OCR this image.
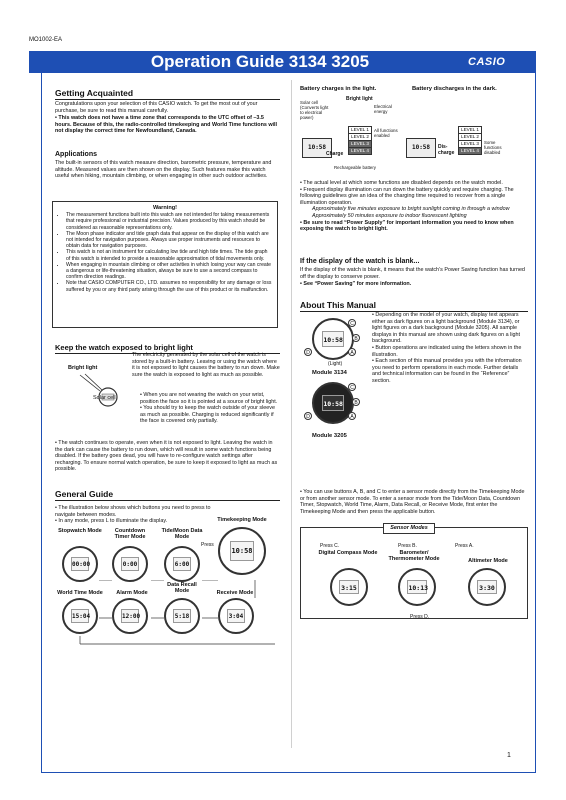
MO1002-EA
Operation Guide 3134 3205	CASIO
Getting Acquainted
Congratulations upon your selection of this CASIO watch. To get the most out of your purchase, be sure to read this manual carefully.
• This watch does not have a time zone that corresponds to the UTC offset of –3.5 hours. Because of this, the radio-controlled timekeeping and World Time functions will not display the correct time for Newfoundland, Canada.
Applications
The built-in sensors of this watch measure direction, barometric pressure, temperature and altitude. Measured values are then shown on the display. Such features make this watch useful when hiking, mountain climbing, or when engaging in other such outdoor activities.
Warning!
• The measurement functions built into this watch are not intended for taking measurements that require professional or industrial precision. Values produced by this watch should be considered as reasonable representations only.
• The Moon phase indicator and tide graph data that appear on the display of this watch are not intended for navigation purposes. Always use proper instruments and resources to obtain data for navigation purposes.
• This watch is not an instrument for calculating low tide and high tide times. The tide graph of this watch is intended to provide a reasonable approximation of tidal movements only.
• When engaging in mountain climbing or other activities in which losing your way can create a dangerous or life-threatening situation, always be sure to use a second compass to confirm direction readings.
• Note that CASIO COMPUTER CO., LTD. assumes no responsibility for any damage or loss suffered by you or any third party arising through the use of this product or its malfunction.
Keep the watch exposed to bright light
Bright light
Solar cell
The electricity generated by the solar cell of the watch is stored by a built-in battery. Leaving or using the watch where it is not exposed to light causes the battery to run down. Make sure the watch is exposed to light as much as possible.
• When you are not wearing the watch on your wrist, position the face so it is pointed at a source of bright light.
• You should try to keep the watch outside of your sleeve as much as possible. Charging is reduced significantly if the face is covered only partially.
• The watch continues to operate, even when it is not exposed to light. Leaving the watch in the dark can cause the battery to run down, which will result in some watch functions being disabled. If the battery goes dead, you will have to re-configure watch settings after recharging. To ensure normal watch operation, be sure to keep it exposed to light as much as possible.
General Guide
• The illustration below shows which buttons you need to press to navigate between modes.
• In any mode, press L to illuminate the display.
Stopwatch Mode	Countdown Timer Mode
Tide/Moon Data Mode
Timekeeping Mode
00:00	0:00	6:00
10:58
Press
World Time Mode	Alarm Mode
Data Recall Mode	Receive Mode
15:04	12:00	5:18	3:04
Battery charges in the light.	Battery discharges in the dark.
Solar cell (Converts light to electrical power)
Bright light
Electrical energy
10:58
LEVEL 1
LEVEL 2
LEVEL 3
LEVEL 4
All functions enabled
Charge
Rechargeable battery
10:58	Dis-charge
LEVEL 1
LEVEL 2
LEVEL 3
LEVEL 4
Some functions disabled
• The actual level at which some functions are disabled depends on the watch model.
• Frequent display illumination can run down the battery quickly and require charging. The following guidelines give an idea of the charging time required to recover from a single illumination operation.

Approximately five minutes exposure to bright sunlight coming in through a window
Approximately 50 minutes exposure to indoor fluorescent lighting
• Be sure to read “Power Supply” for important information you need to know when exposing the watch to bright light.
If the display of the watch is blank...
If the display of the watch is blank, it means that the watch’s Power Saving function has turned off the display to conserve power.
• See “Power Saving” for more information.
About This Manual
10:58
C
B
A
D
(Light)
Module 3134
10:58
C
B
A
D
Module 3205
• Depending on the model of your watch, display text appears either as dark figures on a light background (Module 3134), or light figures on a dark background (Module 3205). All sample displays in this manual are shown using dark figures on a light background.
• Button operations are indicated using the letters shown in the illustration.
• Each section of this manual provides you with the information you need to perform operations in each mode. Further details and technical information can be found in the “Reference” section.
• You can use buttons A, B, and C to enter a sensor mode directly from the Timekeeping Mode or from another sensor mode. To enter a sensor mode from the Tide/Moon Data, Countdown Timer, Stopwatch, World Time, Alarm, Data Recall, or Receive Mode, first enter the Timekeeping Mode and then press the applicable button.
Sensor Modes
Press C.	Press B.	Press A.
Digital Compass Mode	Barometer/ Thermometer Mode	Altimeter Mode
3:15	10:13	3:30
Press D.
1
